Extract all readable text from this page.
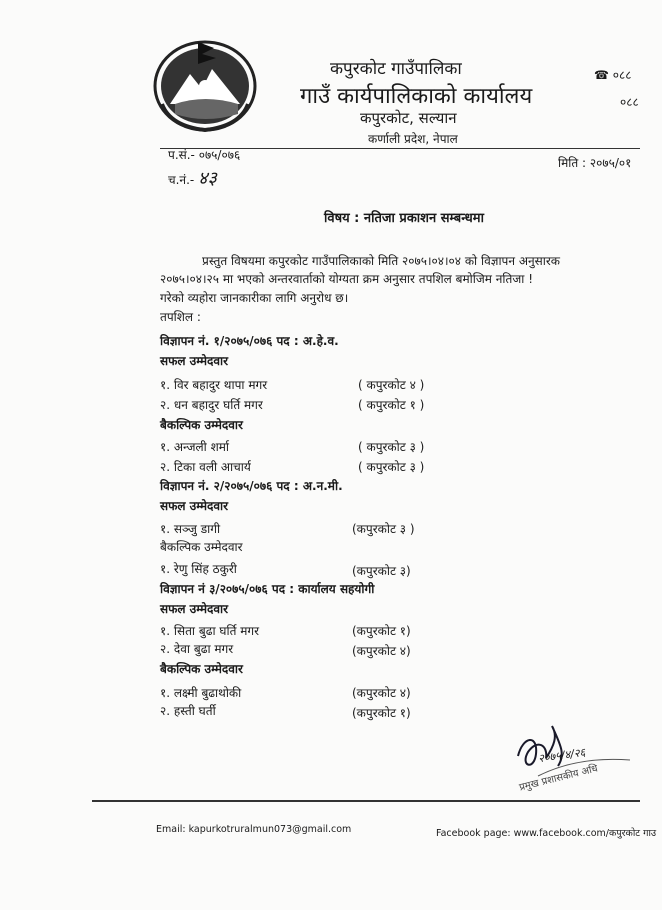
कपुरकोट गाउँपालिका
गाउँ कार्यपालिकाको कार्यालय
कपुरकोट, सल्यान
कर्णाली प्रदेश, नेपाल
☎ ०८८
०८८
प.सं.- ०७५/०७६
च.नं.- ४३
मिति : २०७५/०१
विषय : नतिजा प्रकाशन सम्बन्धमा
प्रस्तुत विषयमा कपुरकोट गाउँपालिकाको मिति २०७५।०४।०४ को विज्ञापन अनुसारक
२०७५।०४।२५ मा भएको अन्तरवार्ताको योग्यता क्रम अनुसार तपशिल बमोजिम नतिजा !
गरेको व्यहोरा जानकारीका लागि अनुरोध छ।
तपशिल :
विज्ञापन नं. १/२०७५/०७६ पद : अ.हे.व.
सफल उम्मेदवार
१. विर बहादुर थापा मगर	( कपुरकोट ४ )
२. धन बहादुर घर्ति मगर	( कपुरकोट १ )
बैकल्पिक उम्मेदवार
१. अन्जली शर्मा	( कपुरकोट ३ )
२. टिका वली आचार्य	( कपुरकोट ३ )
विज्ञापन नं. २/२०७५/०७६ पद : अ.न.मी.
सफल उम्मेदवार
१. सञ्जु डागी	(कपुरकोट ३ )
बैकल्पिक उम्मेदवार
१. रेणु सिंह ठकुरी	(कपुरकोट ३)
विज्ञापन नं ३/२०७५/०७६ पद : कार्यालय सहयोगी
सफल उम्मेदवार
१. सिता बुढा घर्ति मगर	(कपुरकोट १)
२. देवा बुढा मगर	(कपुरकोट ४)
बैकल्पिक उम्मेदवार
१. लक्ष्मी बुढाथोकी	(कपुरकोट ४)
२. हस्ती घर्ती	(कपुरकोट १)
२०७५/४/२६
प्रमुख प्रशासकीय अधि
Email: kapurkotruralmun073@gmail.com	Facebook page: www.facebook.com/कपुरकोट गाउ
